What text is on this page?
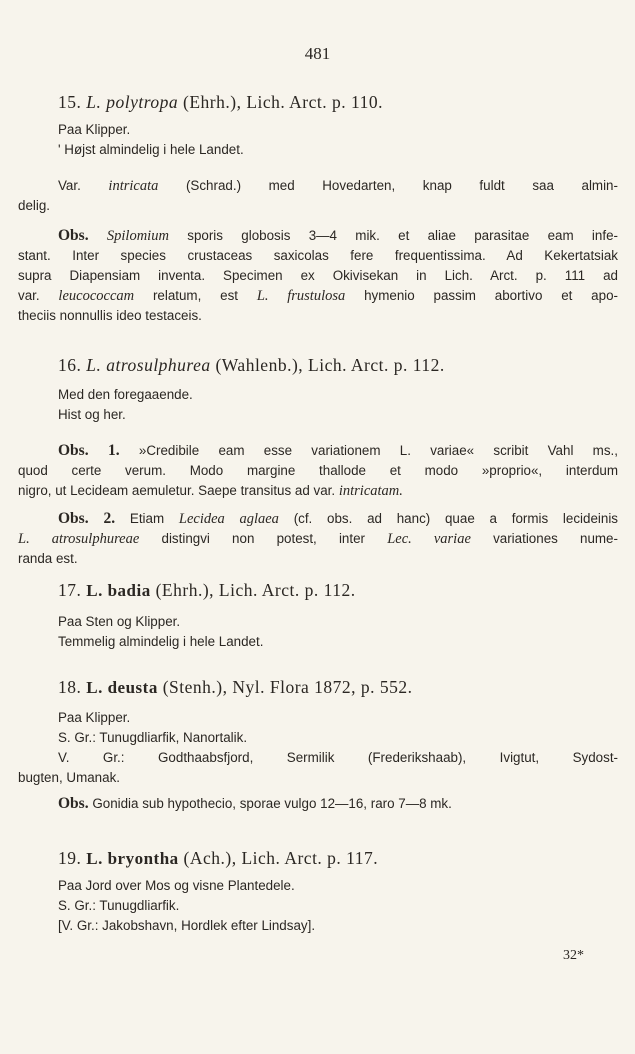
481
15. L. polytropa (Ehrh.), Lich. Arct. p. 110.
Paa Klipper.
' Højst almindelig i hele Landet.
Var. intricata (Schrad.) med Hovedarten, knap fuldt saa almin-
delig.
Obs. Spilomium sporis globosis 3—4 mik. et aliae parasitae eam infe-
stant. Inter species crustaceas saxicolas fere frequentissima. Ad Kekertatsiak
supra Diapensiam inventa. Specimen ex Okivisekan in Lich. Arct. p. 111 ad
var. leucococcam relatum, est L. frustulosa hymenio passim abortivo et apo-
theciis nonnullis ideo testaceis.
16. L. atrosulphurea (Wahlenb.), Lich. Arct. p. 112.
Med den foregaaende.
Hist og her.
Obs. 1. »Credibile eam esse variationem L. variae« scribit Vahl ms.,
quod certe verum. Modo margine thallode et modo »proprio«, interdum
nigro, ut Lecideam aemuletur. Saepe transitus ad var. intricatam.
Obs. 2. Etiam Lecidea aglaea (cf. obs. ad hanc) quae a formis lecideinis
L. atrosulphureae distingvi non potest, inter Lec. variae variationes nume-
randa est.
17. L. badia (Ehrh.), Lich. Arct. p. 112.
Paa Sten og Klipper.
Temmelig almindelig i hele Landet.
18. L. deusta (Stenh.), Nyl. Flora 1872, p. 552.
Paa Klipper.
S. Gr.: Tunugdliarfik, Nanortalik.
V. Gr.: Godthaabsfjord, Sermilik (Frederikshaab), Ivigtut, Sydost-
bugten, Umanak.
Obs. Gonidia sub hypothecio, sporae vulgo 12—16, raro 7—8 mk.
19. L. bryontha (Ach.), Lich. Arct. p. 117.
Paa Jord over Mos og visne Plantedele.
S. Gr.: Tunugdliarfik.
[V. Gr.: Jakobshavn, Hordlek efter Lindsay].
32*
